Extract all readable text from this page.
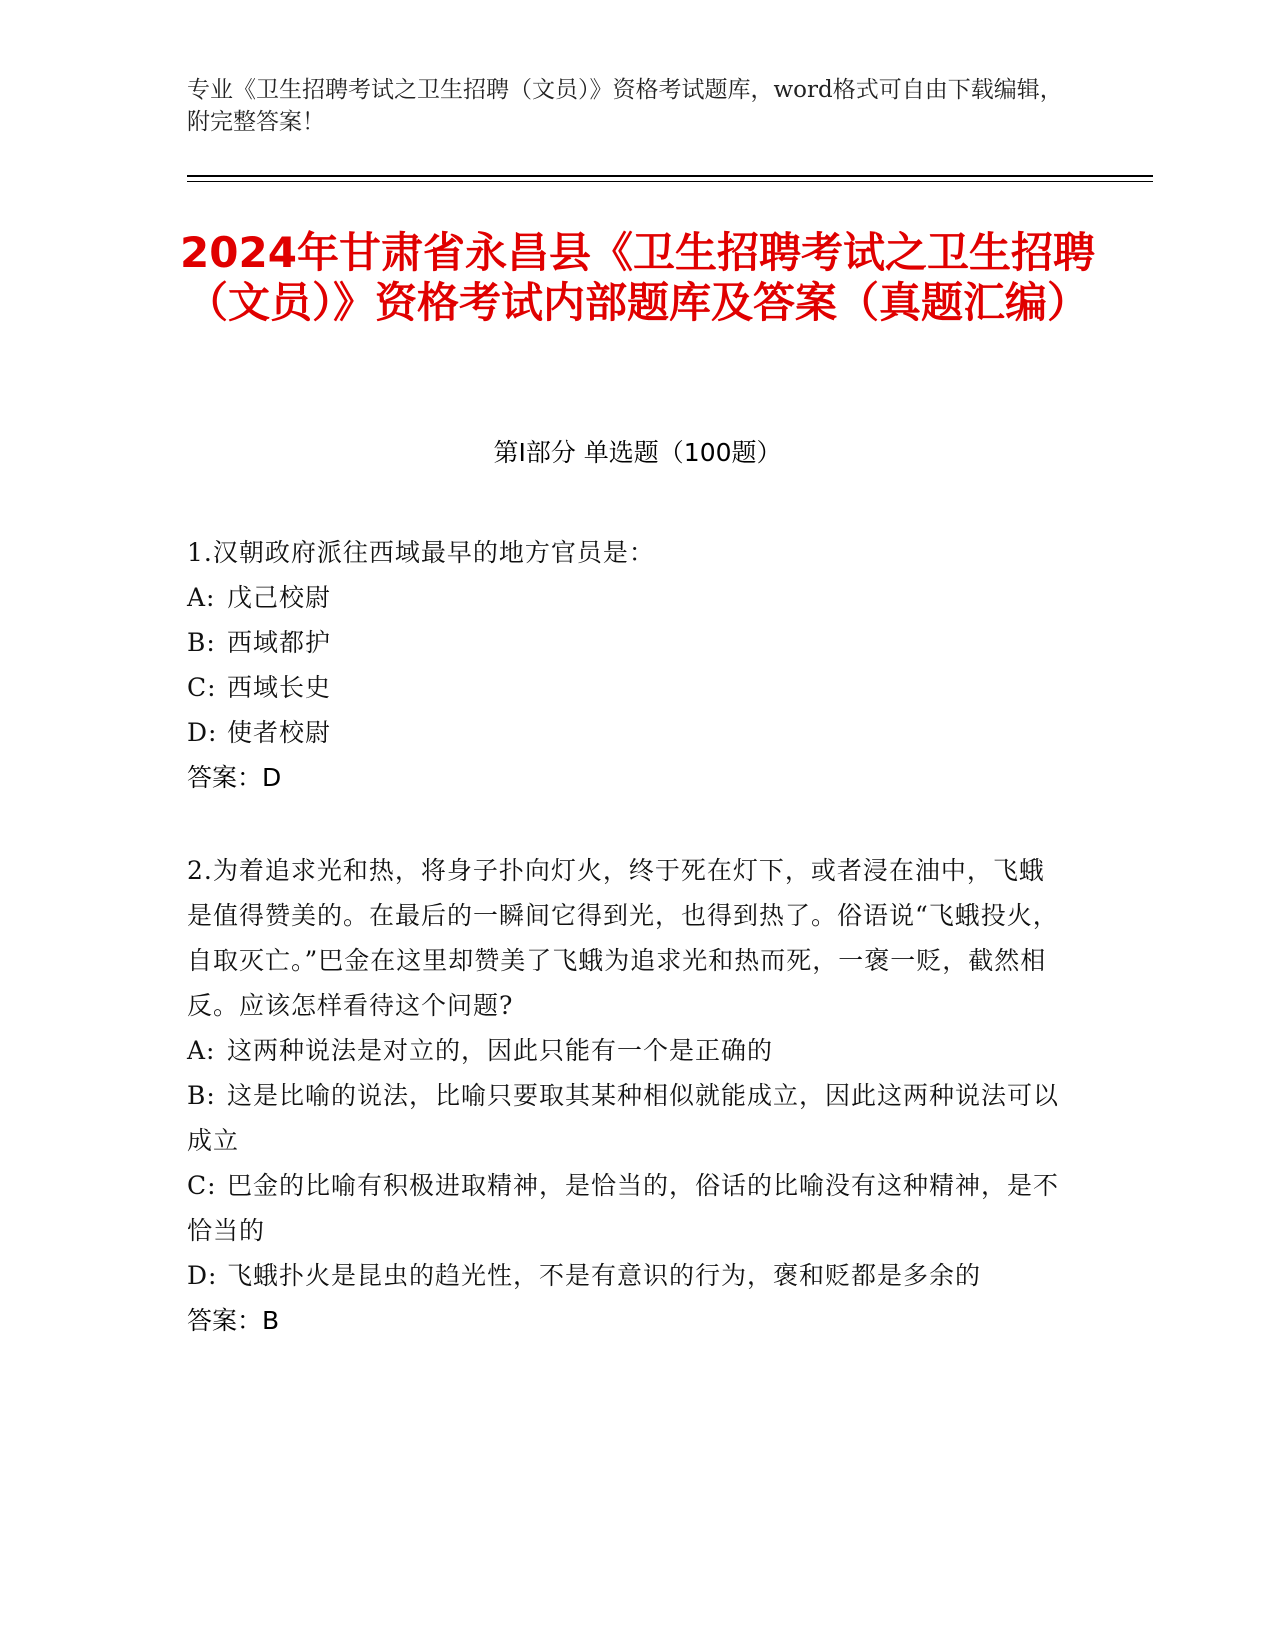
专业《卫生招聘考试之卫生招聘（文员）》资格考试题库，word格式可自由下载编辑，附完整答案！
2024年甘肃省永昌县《卫生招聘考试之卫生招聘（文员）》资格考试内部题库及答案（真题汇编）
第Ⅰ部分 单选题（100题）
1.汉朝政府派往西域最早的地方官员是：
A: 戊己校尉
B: 西域都护
C: 西域长史
D: 使者校尉
答案：D
2.为着追求光和热，将身子扑向灯火，终于死在灯下，或者浸在油中，飞蛾是值得赞美的。在最后的一瞬间它得到光，也得到热了。俗语说“飞蛾投火，自取灭亡。”巴金在这里却赞美了飞蛾为追求光和热而死，一褒一贬，截然相反。应该怎样看待这个问题?
A: 这两种说法是对立的，因此只能有一个是正确的
B: 这是比喻的说法，比喻只要取其某种相似就能成立，因此这两种说法可以成立
C: 巴金的比喻有积极进取精神，是恰当的，俗话的比喻没有这种精神，是不恰当的
D: 飞蛾扑火是昆虫的趋光性，不是有意识的行为，褒和贬都是多余的
答案：B
